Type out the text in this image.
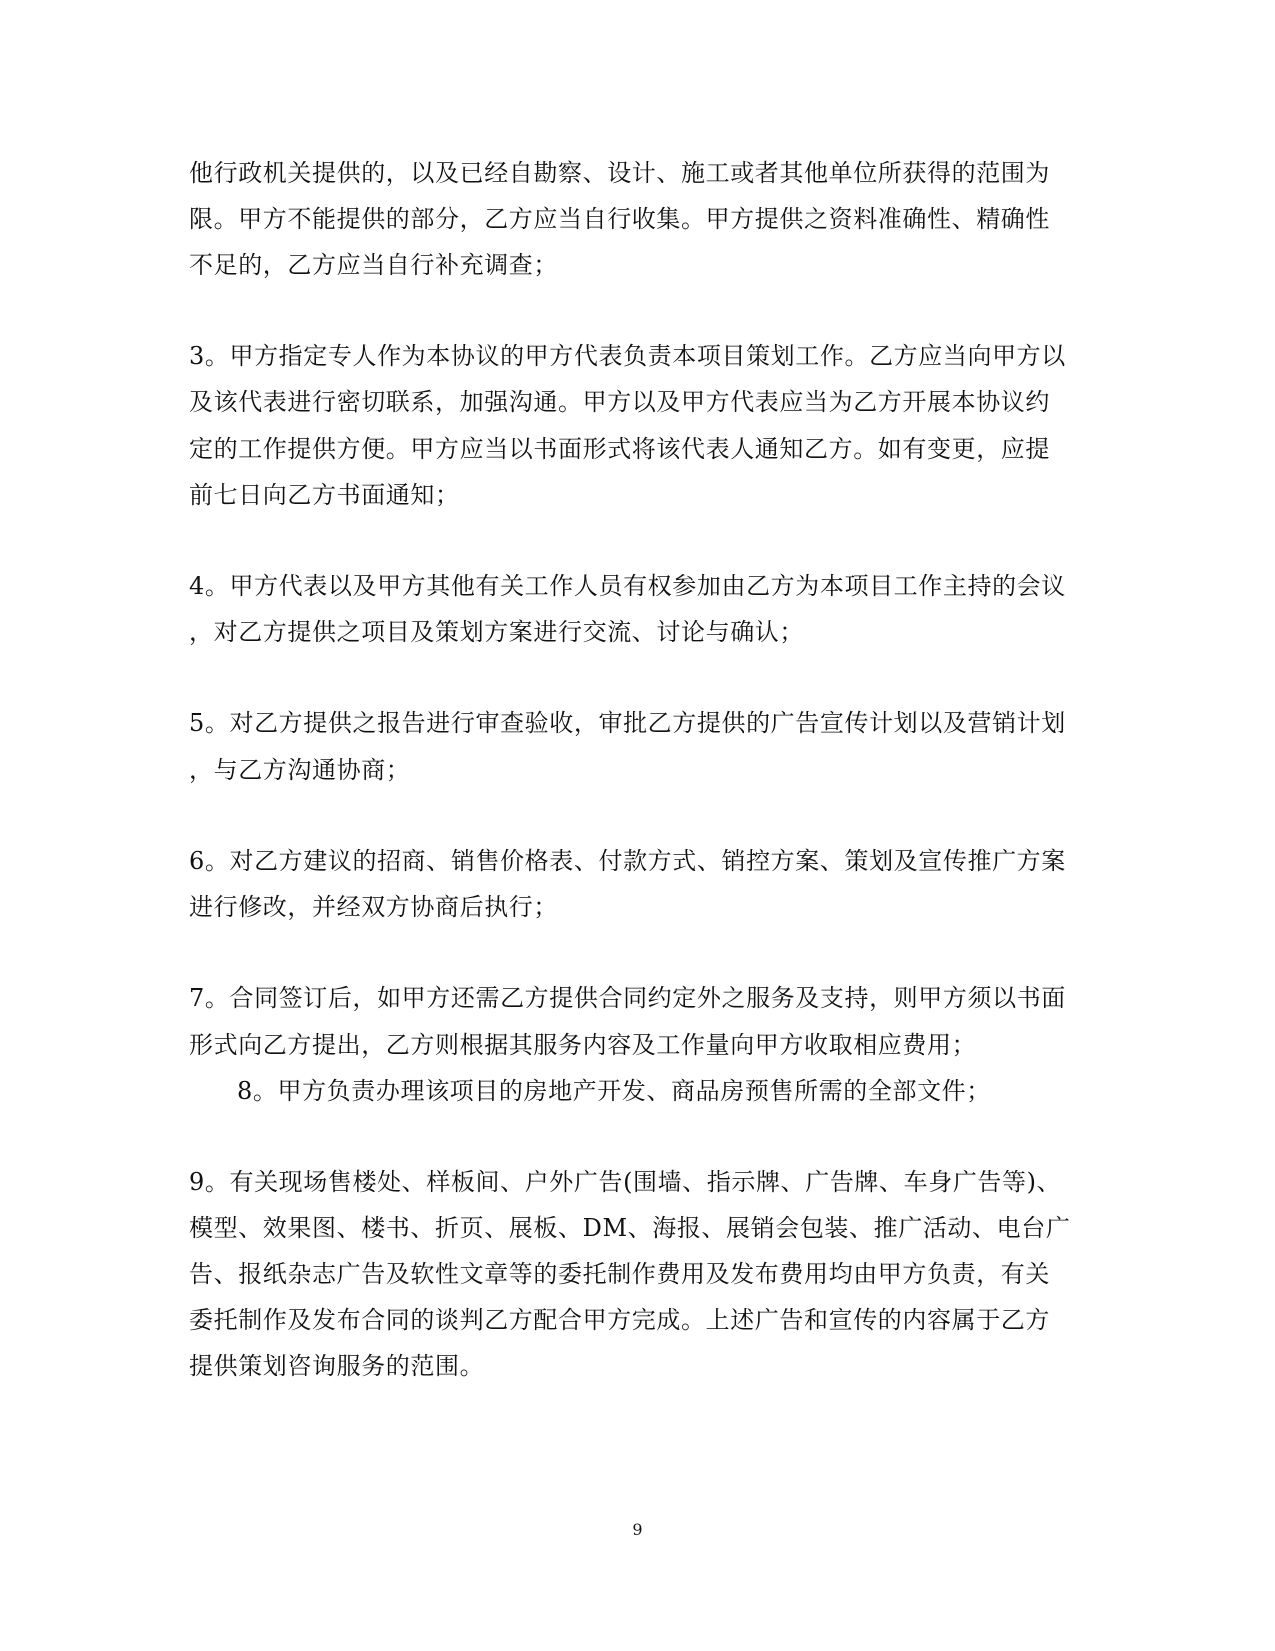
他行政机关提供的，以及已经自勘察、设计、施工或者其他单位所获得的范围为
限。甲方不能提供的部分，乙方应当自行收集。甲方提供之资料准确性、精确性
不足的，乙方应当自行补充调查；
3。甲方指定专人作为本协议的甲方代表负责本项目策划工作。乙方应当向甲方以
及该代表进行密切联系，加强沟通。甲方以及甲方代表应当为乙方开展本协议约
定的工作提供方便。甲方应当以书面形式将该代表人通知乙方。如有变更，应提
前七日向乙方书面通知；
4。甲方代表以及甲方其他有关工作人员有权参加由乙方为本项目工作主持的会议
，对乙方提供之项目及策划方案进行交流、讨论与确认；
5。对乙方提供之报告进行审查验收，审批乙方提供的广告宣传计划以及营销计划
，与乙方沟通协商；
6。对乙方建议的招商、销售价格表、付款方式、销控方案、策划及宣传推广方案
进行修改，并经双方协商后执行；
7。合同签订后，如甲方还需乙方提供合同约定外之服务及支持，则甲方须以书面
形式向乙方提出，乙方则根据其服务内容及工作量向甲方收取相应费用；
8。甲方负责办理该项目的房地产开发、商品房预售所需的全部文件；
9。有关现场售楼处、样板间、户外广告(围墙、指示牌、广告牌、车身广告等)、
模型、效果图、楼书、折页、展板、DM、海报、展销会包装、推广活动、电台广
告、报纸杂志广告及软性文章等的委托制作费用及发布费用均由甲方负责，有关
委托制作及发布合同的谈判乙方配合甲方完成。上述广告和宣传的内容属于乙方
提供策划咨询服务的范围。
9
